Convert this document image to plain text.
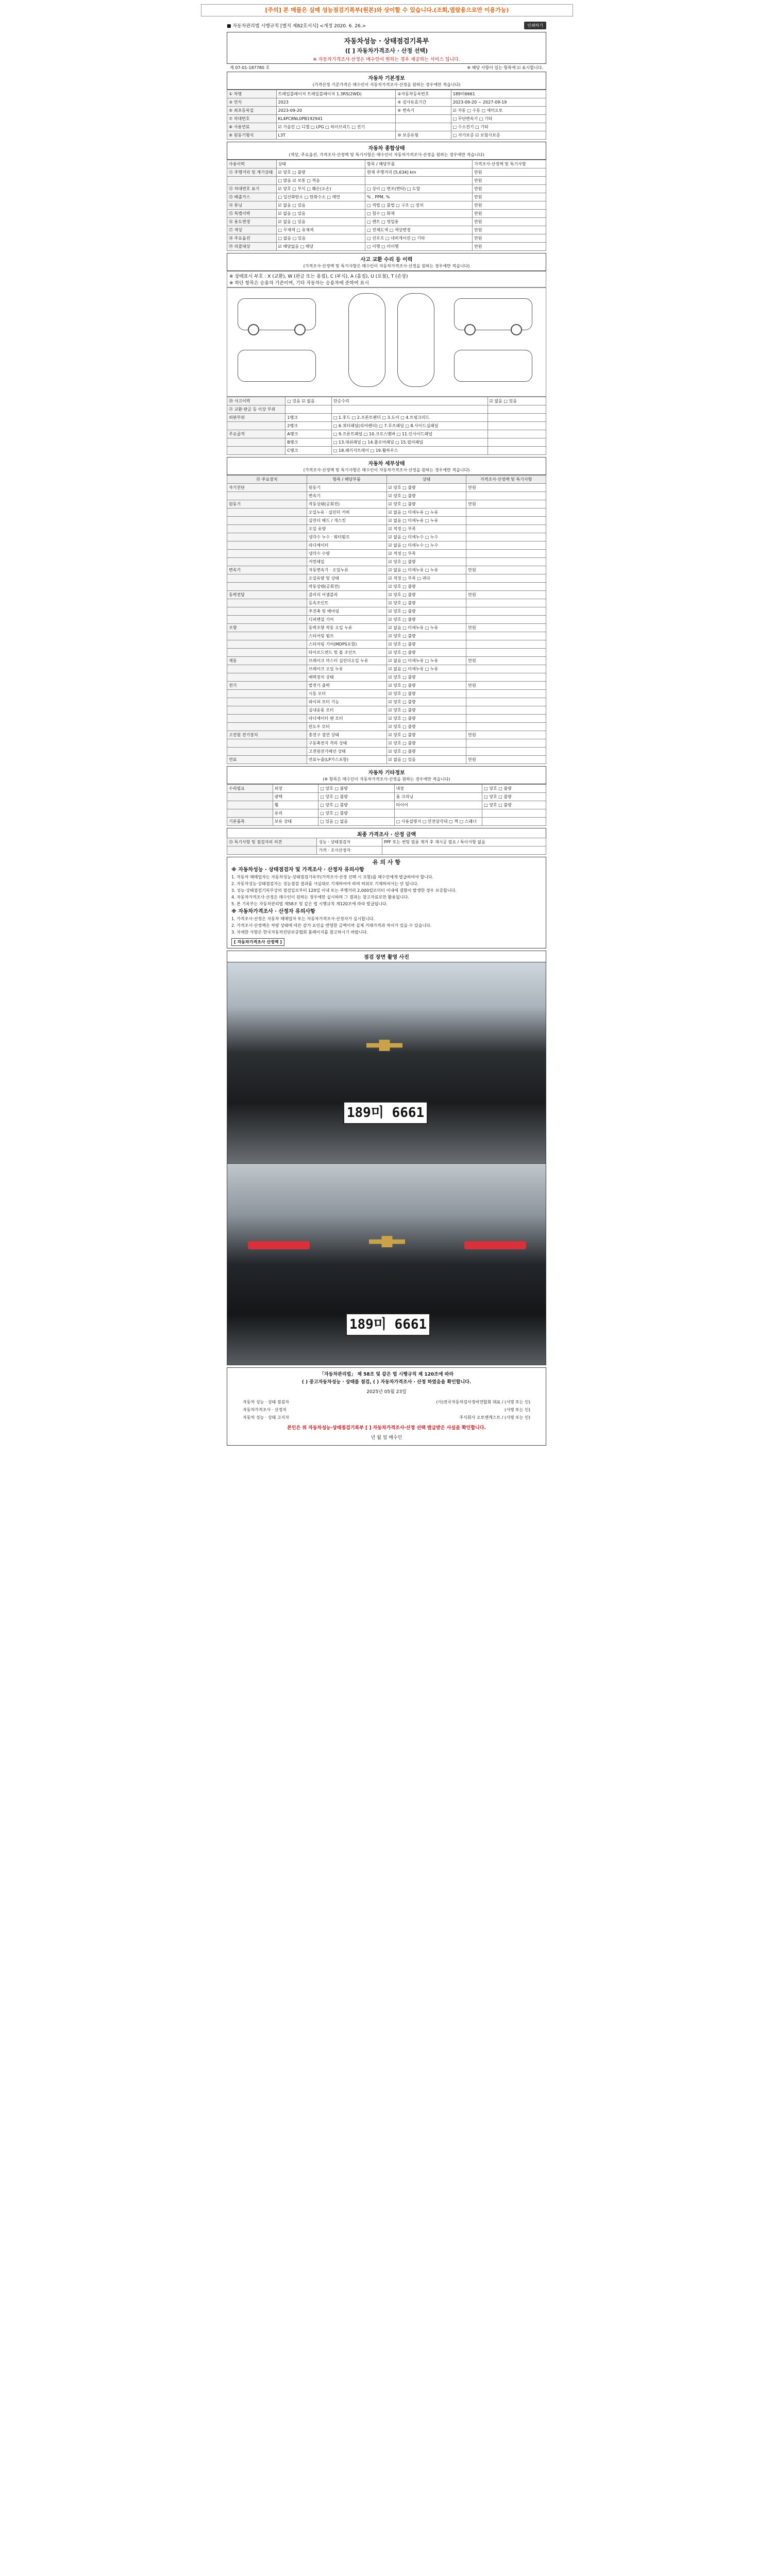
[주의] 본 매물은 실매 성능점검기록부(원본)와 상이할 수 있습니다.(조회,열람용으로만 이용가능)
■ 자동차관리법 시행규칙 [별지 제82호서식] <개정 2020. 6. 26.>	인쇄하기
자동차성능 · 상태점검기록부
([ ] 자동차가격조사 · 산정 선택)
※ 자동차가격조사·산정은 매수인이 원하는 경우 제공하는 서비스 입니다.
제 07-01-187780 호	※ 해당 사항이 있는 항목에 ☑ 표시합니다.
자동차 기본정보
(가격산정 기준가격은 매수인이 자동차가격조사·산정을 원하는 경우에만 적습니다)
① 차명	트레일블레이저 트레일블레이저 1.3RS(2WD)	②자동차등록번호	189미6661
③ 연식	2023	④ 검사유효기간	2023-09-20 ~ 2027-09-19
⑤ 최초등록일	2023-09-20	⑥ 변속기	☑ 자동 □ 수동 □ 세미오토
⑦ 차대번호	KL4PC8NL0PB192941		□ 무단변속기 □ 기타
⑧ 사용연료	☑ 가솔린 □ 디젤 □ LPG □ 하이브리드 □ 전기		□ 수소전기 □ 기타
⑨ 원동기형식	L3T	⑩ 보증유형	□ 자가보증 ☑ 보험사보증
자동차 종합상태
(색상, 주요옵션, 가격조사·산정액 및 특기사항은 매수인이 자동차가격조사·산정을 원하는 경우에만 적습니다)
사용이력	상태	항목 / 해당부품	가격조사·산정액 및 특기사항
⑪ 주행거리 및 계기상태	☑ 양호 □ 불량	현재 주행거리 [5,634] km	만원
	□ 많음 ☑ 보통 □ 적음		만원
⑫ 차대번호 표기	☑ 양호 □ 부식 □ 훼손(오손)	□ 상이 □ 변조(변타) □ 도말	만원
⑬ 배출가스	□ 일산화탄소 □ 탄화수소 □ 매연	% , PPM, %	만원
⑭ 튜닝	☑ 없음 □ 있음	□ 적법 □ 불법 □ 구조 □ 장치	만원
⑮ 특별이력	☑ 없음 □ 있음	□ 침수 □ 화재	만원
⑯ 용도변경	☑ 없음 □ 있음	□ 렌트 □ 영업용	만원
⑰ 색상	□ 무채색 □ 유채색	□ 전체도색 □ 색상변경	만원
⑱ 주요옵션	□ 없음 □ 있음	□ 선루프 □ 네비게이션 □ 기타	만원
⑲ 리콜대상	☑ 해당없음 □ 해당	□ 이행 □ 미이행	만원
사고 교환 수리 등 이력
(가격조사·산정액 및 특기사항은 매수인이 자동차가격조사·산정을 원하는 경우에만 적습니다)
※ 상태표시 부호 : X (교환), W (판금 또는 용접), C (부식), A (흠집), U (요철), T (손상)
※ 하단 항목은 승용차 기준이며, 기타 자동차는 승용차에 준하여 표시
⑳ 사고이력	□ 있음 ☑ 없음	단순수리	☑ 없음 □ 있음
㉑ 교환·판금 등 이상 부위			
외판부위	1랭크	□ 1.후드 □ 2.프론트펜더 □ 3.도어 □ 4.트렁크리드	
	2랭크	□ 6.쿼터패널(리어펜더) □ 7.루프패널 □ 8.사이드실패널	
주요골격	A랭크	□ 9.프론트패널 □ 10.크로스멤버 □ 11.인사이드패널	
	B랭크	□ 13.대쉬패널 □ 14.플로어패널 □ 15.필러패널	
	C랭크	□ 18.패키지트레이 □ 19.휠하우스	
자동차 세부상태
(가격조사·산정액 및 특기사항은 매수인이 자동차가격조사·산정을 원하는 경우에만 적습니다)
㉒ 주요장치	항목 / 해당부품	상태	가격조사·산정액 및 특기사항
자기진단	원동기	☑ 양호 □ 불량	만원
	변속기	☑ 양호 □ 불량	
원동기	작동상태(공회전)	☑ 양호 □ 불량	만원
	오일누유 · 실린더 커버	☑ 없음 □ 미세누유 □ 누유	
	실린더 헤드 / 개스킷	☑ 없음 □ 미세누유 □ 누유	
	오일 유량	☑ 적정 □ 부족	
	냉각수 누수 · 워터펌프	☑ 없음 □ 미세누수 □ 누수	
	라디에이터	☑ 없음 □ 미세누수 □ 누수	
	냉각수 수량	☑ 적정 □ 부족	
	커먼레일	☑ 양호 □ 불량	
변속기	자동변속기 · 오일누유	☑ 없음 □ 미세누유 □ 누유	만원
	오일유량 및 상태	☑ 적정 □ 부족 □ 과다	
	작동상태(공회전)	☑ 양호 □ 불량	
동력전달	클러치 어셈블리	☑ 양호 □ 불량	만원
	등속조인트	☑ 양호 □ 불량	
	추진축 및 베어링	☑ 양호 □ 불량	
	디퍼렌셜 기어	☑ 양호 □ 불량	
조향	동력조향 작동 오일 누유	☑ 없음 □ 미세누유 □ 누유	만원
	스티어링 펌프	☑ 양호 □ 불량	
	스티어링 기어(MDPS포함)	☑ 양호 □ 불량	
	타이로드엔드 및 볼 조인트	☑ 양호 □ 불량	
제동	브레이크 마스터 실린더오일 누유	☑ 없음 □ 미세누유 □ 누유	만원
	브레이크 오일 누유	☑ 없음 □ 미세누유 □ 누유	
	배력장치 상태	☑ 양호 □ 불량	
전기	발전기 출력	☑ 양호 □ 불량	만원
	시동 모터	☑ 양호 □ 불량	
	와이퍼 모터 기능	☑ 양호 □ 불량	
	실내송풍 모터	☑ 양호 □ 불량	
	라디에이터 팬 모터	☑ 양호 □ 불량	
	윈도우 모터	☑ 양호 □ 불량	
고전원 전기장치	충전구 절연 상태	☑ 양호 □ 불량	만원
	구동축전지 격리 상태	☑ 양호 □ 불량	
	고전원전기배선 상태	☑ 양호 □ 불량	
연료	연료누출(LP가스포함)	☑ 없음 □ 있음	만원
자동차 기타정보
(※ 항목은 매수인이 자동차가격조사·산정을 원하는 경우에만 적습니다)
수리필요	외장	□ 양호 □ 불량	내장	□ 양호 □ 불량
	광택	□ 양호 □ 불량	룸 크리닝	□ 양호 □ 불량
	휠	□ 양호 □ 불량	타이어	□ 양호 □ 불량
	유리	□ 양호 □ 불량		
기본품목	보유 상태	□ 있음 □ 없음	□ 사용설명서 □ 안전삼각대 □ 잭 □ 스패너	
최종 가격조사 · 산정 금액
㉓ 특기사항 및 점검자의 의견	성능 · 상태점검자	PPF 또는 썬팅 필름 제거 후 재시공 필요 / 특이사항 없음
	가격 · 조사산정자	
유 의 사 항
※ 자동차성능 · 상태점검자 및 가격조사 · 산정자 유의사항

1. 자동차 매매업자는 자동차성능·상태점검기록부(가격조사·산정 선택 시 포함)를 매수인에게 발급하여야 합니다.

2. 자동차성능·상태점검자는 성능점검 결과를 사실대로 기재하여야 하며 허위로 기재하여서는 안 됩니다.

3. 성능·상태점검기록부상의 점검일로부터 120일 이내 또는 주행거리 2,000킬로미터 이내에 결함이 발생한 경우 보증합니다.

4. 자동차가격조사·산정은 매수인이 원하는 경우에만 실시하며 그 결과는 참고자료로만 활용됩니다.

5. 본 기록부는 자동차관리법 제58조 및 같은 법 시행규칙 제120조에 따라 발급됩니다.

※ 자동차가격조사 · 산정자 유의사항

1. 가격조사·산정은 자동차 매매업자 또는 자동차가격조사·산정자가 실시합니다.

2. 가격조사·산정액은 차량 상태에 따른 감가 요인을 반영한 금액이며 실제 거래가격과 차이가 있을 수 있습니다.

3. 자세한 사항은 한국자동차진단보증협회 홈페이지를 참고하시기 바랍니다.

[ 자동차가격조사 산정액 ]
점검 장면 촬영 사진
189미 6661
189미 6661
「자동차관리법」 제 58조 및 같은 법 시행규칙 제 120조에 따라
( ) 중고자동차성능 · 상태를 점검, ( ) 자동차가격조사 · 산정 하였음을 확인합니다.
2025년 05월 23일
자동차 성능 · 상태 점검자	(사)전국자동차검사정비연합회 대표 / (서명 또는 인)
자동차가격조사 · 산정자	(서명 또는 인)
자동차 성능 · 상태 고지자	주식회사 오토엔캐스트 / (서명 또는 인)
본인은 위 자동차성능·상태점검기록부 [ ] 자동차가격조사·산정 선택 발급받은 사실을 확인합니다.
년 월 일 매수인
